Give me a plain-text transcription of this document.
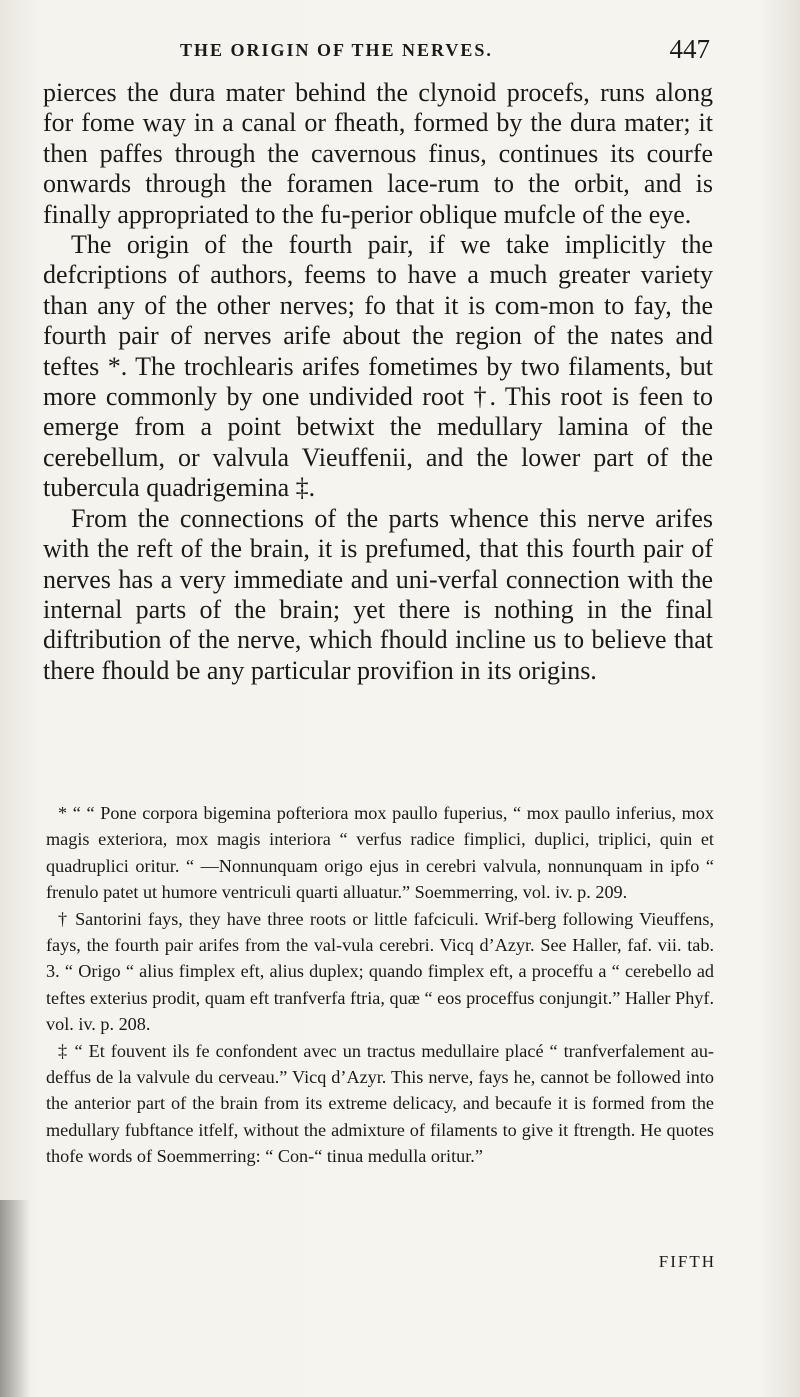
THE ORIGIN OF THE NERVES.	447

pierces the dura mater behind the clynoid procefs, runs along for fome way in a canal or fheath, formed by the dura mater; it then paffes through the cavernous finus, continues its courfe onwards through the foramen lace-rum to the orbit, and is finally appropriated to the fu-perior oblique mufcle of the eye.

The origin of the fourth pair, if we take implicitly the defcriptions of authors, feems to have a much greater variety than any of the other nerves; fo that it is com-mon to fay, the fourth pair of nerves arife about the region of the nates and teftes *. The trochlearis arifes fometimes by two filaments, but more commonly by one undivided root †. This root is feen to emerge from a point betwixt the medullary lamina of the cerebellum, or valvula Vieuffenii, and the lower part of the tubercula quadrigemina ‡.

From the connections of the parts whence this nerve arifes with the reft of the brain, it is prefumed, that this fourth pair of nerves has a very immediate and uni-verfal connection with the internal parts of the brain; yet there is nothing in the final diftribution of the nerve, which fhould incline us to believe that there fhould be any particular provifion in its origins.

* “ “ Pone corpora bigemina pofteriora mox paullo fuperius, “ mox paullo inferius, mox magis exteriora, mox magis interiora “ verfus radice fimplici, duplici, triplici, quin et quadruplici oritur. “ —Nonnunquam origo ejus in cerebri valvula, nonnunquam in ipfo “ frenulo patet ut humore ventriculi quarti alluatur.” Soemmerring, vol. iv. p. 209.

† Santorini fays, they have three roots or little fafciculi. Wrif-berg following Vieuffens, fays, the fourth pair arifes from the val-vula cerebri. Vicq d’Azyr. See Haller, faf. vii. tab. 3. “ Origo “ alius fimplex eft, alius duplex; quando fimplex eft, a proceffu a “ cerebello ad teftes exterius prodit, quam eft tranfverfa ftria, quæ “ eos proceffus conjungit.” Haller Phyf. vol. iv. p. 208.

‡ “ Et fouvent ils fe confondent avec un tractus medullaire placé “ tranfverfalement au-deffus de la valvule du cerveau.” Vicq d’Azyr. This nerve, fays he, cannot be followed into the anterior part of the brain from its extreme delicacy, and becaufe it is formed from the medullary fubftance itfelf, without the admixture of filaments to give it ftrength. He quotes thofe words of Soemmerring: “ Con-“ tinua medulla oritur.”

FIFTH
